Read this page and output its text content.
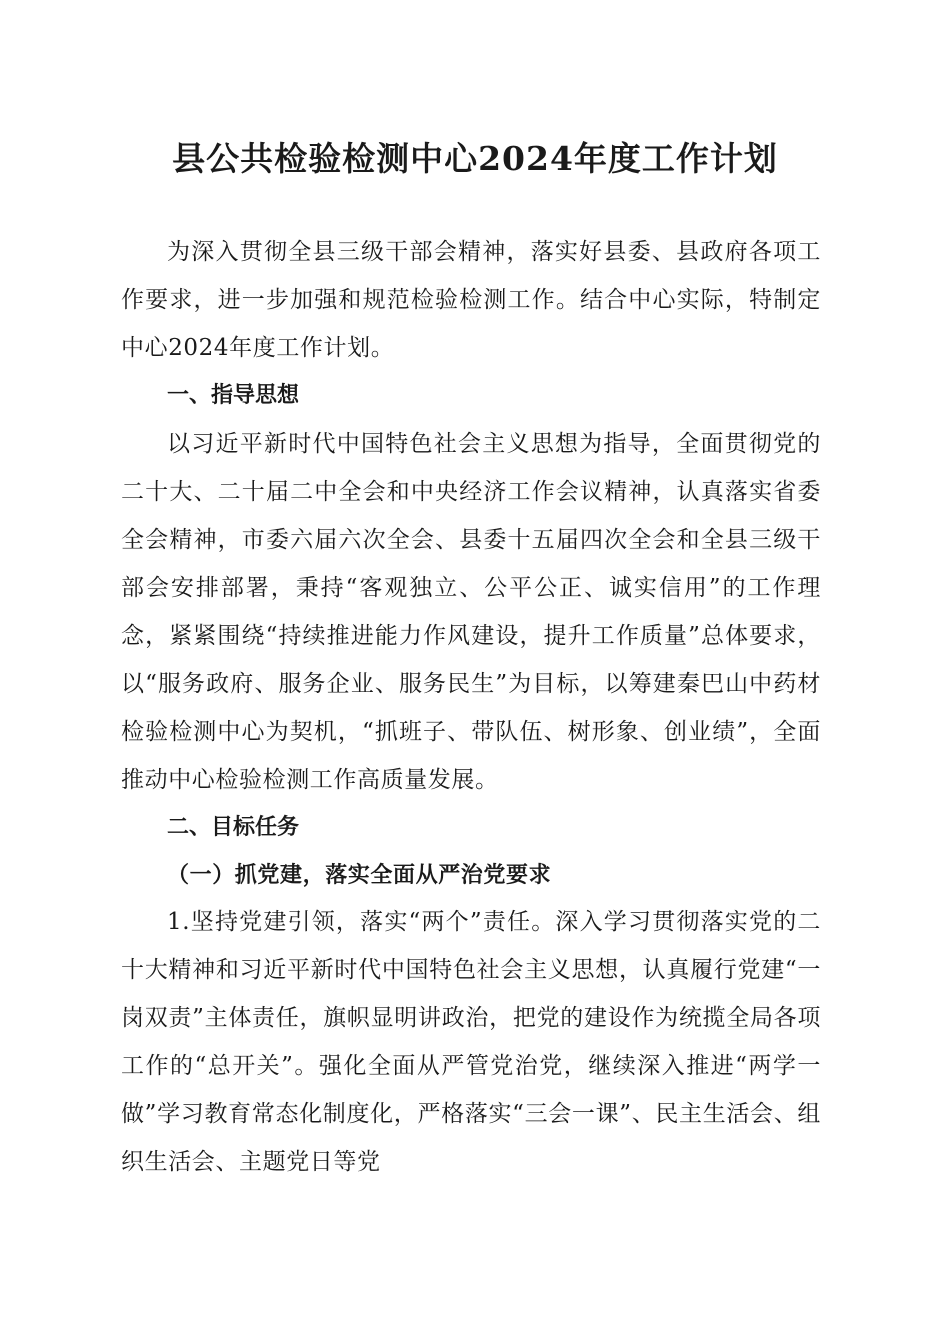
县公共检验检测中心2024年度工作计划

为深入贯彻全县三级干部会精神，落实好县委、县政府各项工作要求，进一步加强和规范检验检测工作。结合中心实际，特制定中心2024年度工作计划。

一、指导思想

以习近平新时代中国特色社会主义思想为指导，全面贯彻党的二十大、二十届二中全会和中央经济工作会议精神，认真落实省委全会精神，市委六届六次全会、县委十五届四次全会和全县三级干部会安排部署，秉持“客观独立、公平公正、诚实信用”的工作理念，紧紧围绕“持续推进能力作风建设，提升工作质量”总体要求，以“服务政府、服务企业、服务民生”为目标，以筹建秦巴山中药材检验检测中心为契机，“抓班子、带队伍、树形象、创业绩”，全面推动中心检验检测工作高质量发展。

二、目标任务

（一）抓党建，落实全面从严治党要求

1.坚持党建引领，落实“两个”责任。深入学习贯彻落实党的二十大精神和习近平新时代中国特色社会主义思想，认真履行党建“一岗双责”主体责任，旗帜显明讲政治，把党的建设作为统揽全局各项工作的“总开关”。强化全面从严管党治党，继续深入推进“两学一做”学习教育常态化制度化，严格落实“三会一课”、民主生活会、组织生活会、主题党日等党
